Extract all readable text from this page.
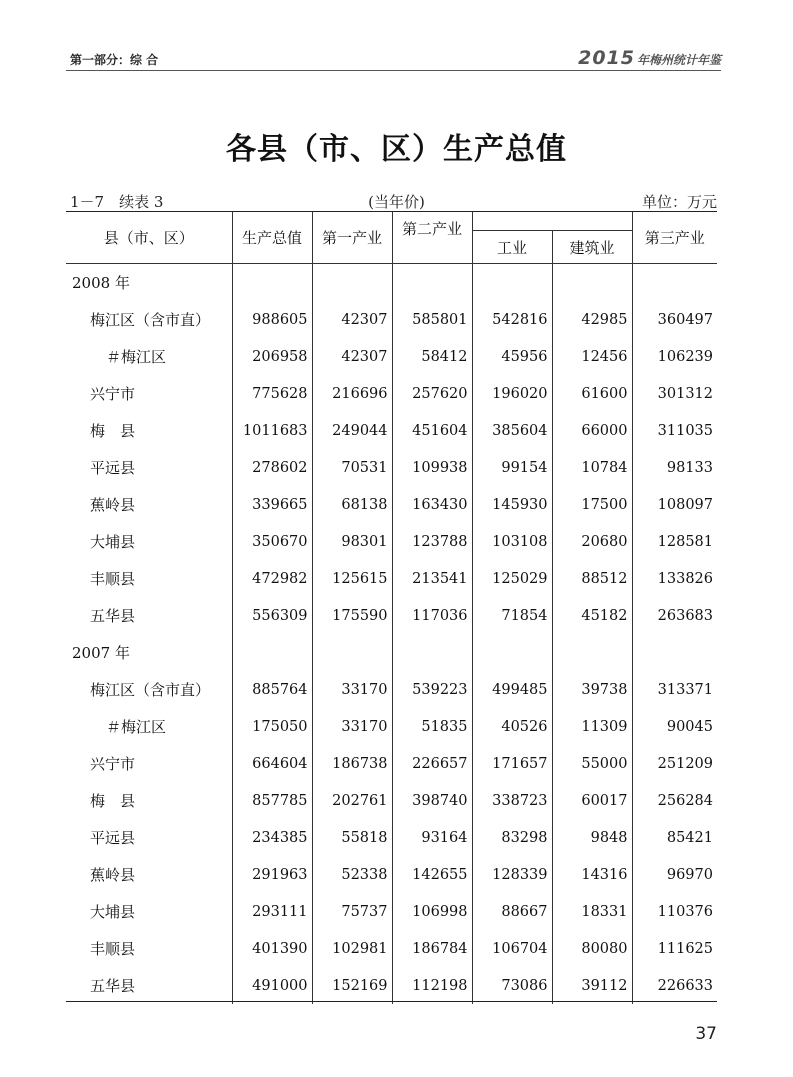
第一部分：综 合	2015 年梅州统计年鉴
各县（市、区）生产总值
1－7　续表 3	(当年价)	单位：万元
县（市、区）	生产总值	第一产业	第二产业			第三产业
				工业	建筑业	
2008 年						
梅江区（含市直）	988605	42307	585801	542816	42985	360497
＃梅江区	206958	42307	58412	45956	12456	106239
兴宁市	775628	216696	257620	196020	61600	301312
梅　县	1011683	249044	451604	385604	66000	311035
平远县	278602	70531	109938	99154	10784	98133
蕉岭县	339665	68138	163430	145930	17500	108097
大埔县	350670	98301	123788	103108	20680	128581
丰顺县	472982	125615	213541	125029	88512	133826
五华县	556309	175590	117036	71854	45182	263683
2007 年						
梅江区（含市直）	885764	33170	539223	499485	39738	313371
＃梅江区	175050	33170	51835	40526	11309	90045
兴宁市	664604	186738	226657	171657	55000	251209
梅　县	857785	202761	398740	338723	60017	256284
平远县	234385	55818	93164	83298	9848	85421
蕉岭县	291963	52338	142655	128339	14316	96970
大埔县	293111	75737	106998	88667	18331	110376
丰顺县	401390	102981	186784	106704	80080	111625
五华县	491000	152169	112198	73086	39112	226633
37
